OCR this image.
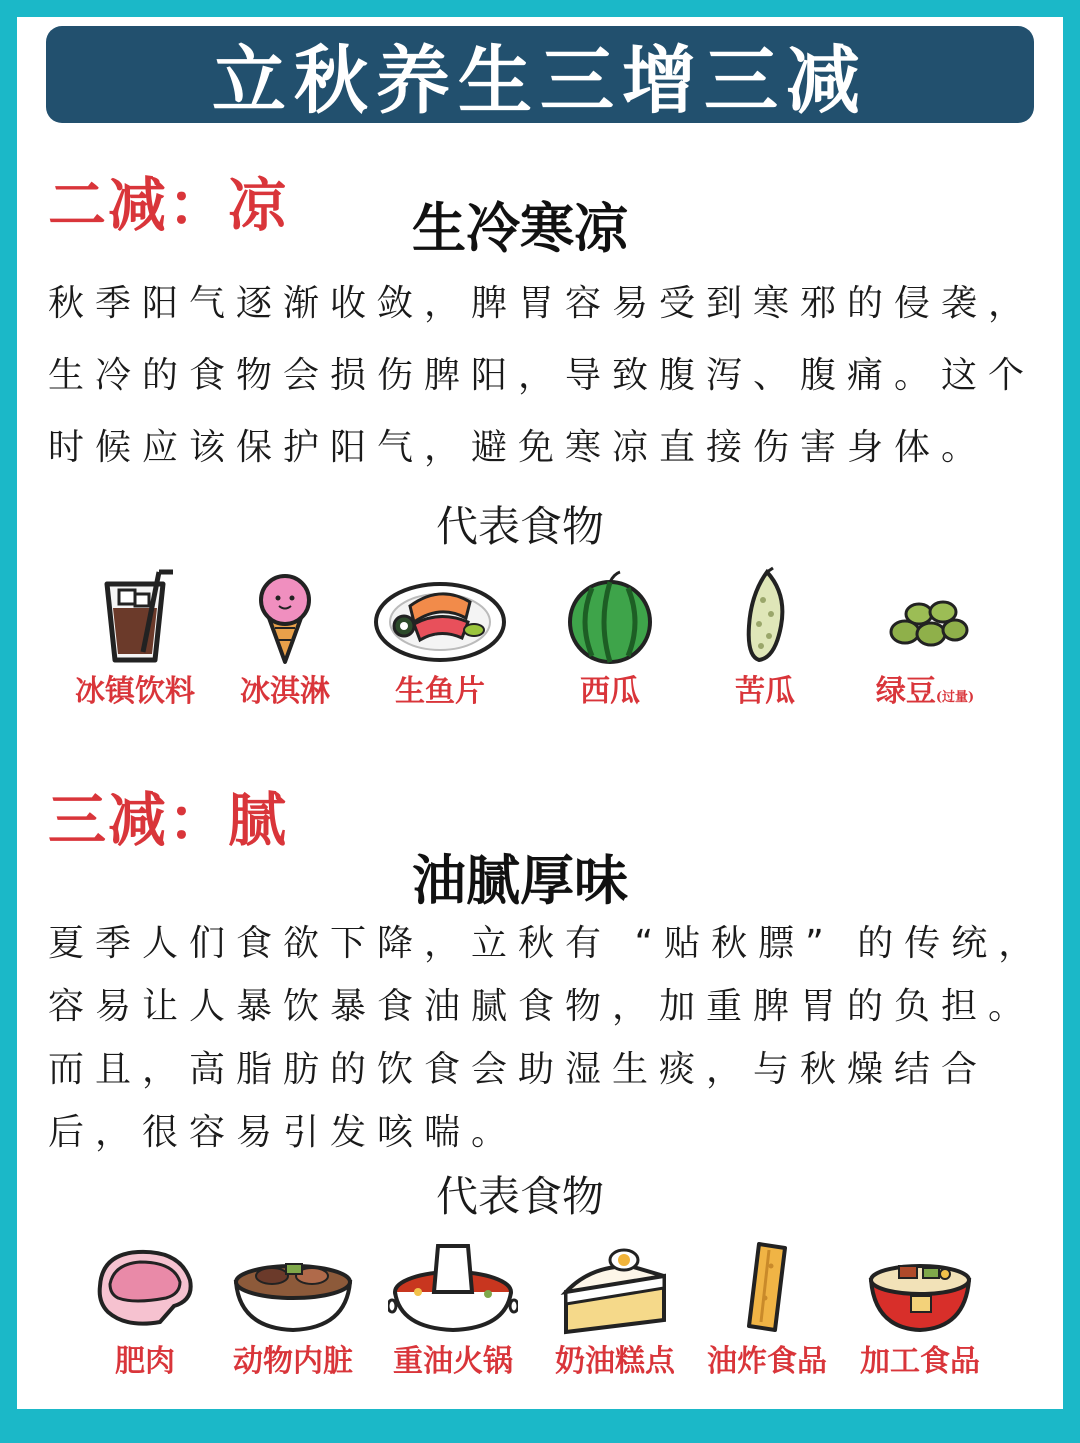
立秋养生三增三减
二减：凉	生冷寒凉
秋季阳气逐渐收敛，脾胃容易受到寒邪的侵袭，
生冷的食物会损伤脾阳，导致腹泻、腹痛。这个
时候应该保护阳气，避免寒凉直接伤害身体。
代表食物
冰镇饮料	冰淇淋	生鱼片	西瓜	苦瓜	绿豆(过量)
三减：腻
油腻厚味
夏季人们食欲下降，立秋有 “贴秋膘” 的传统，
容易让人暴饮暴食油腻食物，加重脾胃的负担。
而且，高脂肪的饮食会助湿生痰，与秋燥结合
后，很容易引发咳喘。
代表食物
肥肉	动物内脏	重油火锅	奶油糕点	油炸食品	加工食品
